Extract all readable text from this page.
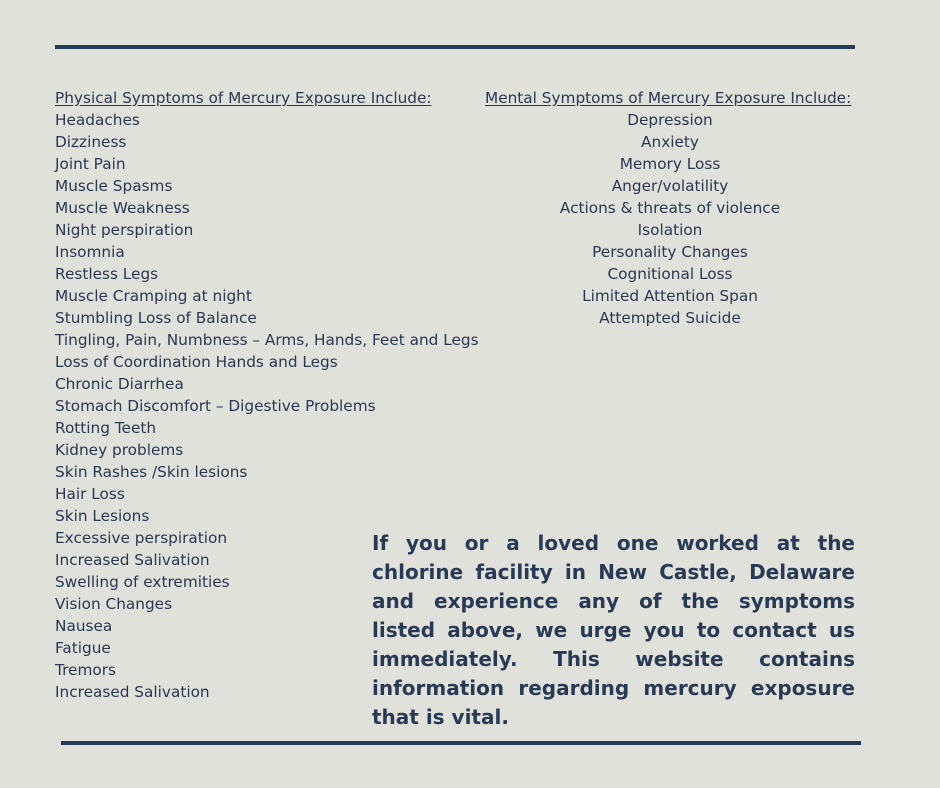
Physical Symptoms of Mercury Exposure Include:
Headaches
Dizziness
Joint Pain
Muscle Spasms
Muscle Weakness
Night perspiration
Insomnia
Restless Legs
Muscle Cramping at night
Stumbling Loss of Balance
Tingling, Pain, Numbness – Arms, Hands, Feet and Legs
Loss of Coordination Hands and Legs
Chronic Diarrhea
Stomach Discomfort – Digestive Problems
Rotting Teeth
Kidney problems
Skin Rashes /Skin lesions
Hair Loss
Skin Lesions
Excessive perspiration
Increased Salivation
Swelling of extremities
Vision Changes
Nausea
Fatigue
Tremors
Increased Salivation
Mental Symptoms of Mercury Exposure Include:
Depression
Anxiety
Memory Loss
Anger/volatility
Actions & threats of violence
Isolation
Personality Changes
Cognitional Loss
Limited Attention Span
Attempted Suicide
If you or a loved one worked at the chlorine facility in New Castle, Delaware and experience any of the symptoms listed above, we urge you to contact us immediately. This website contains information regarding mercury exposure that is vital.
